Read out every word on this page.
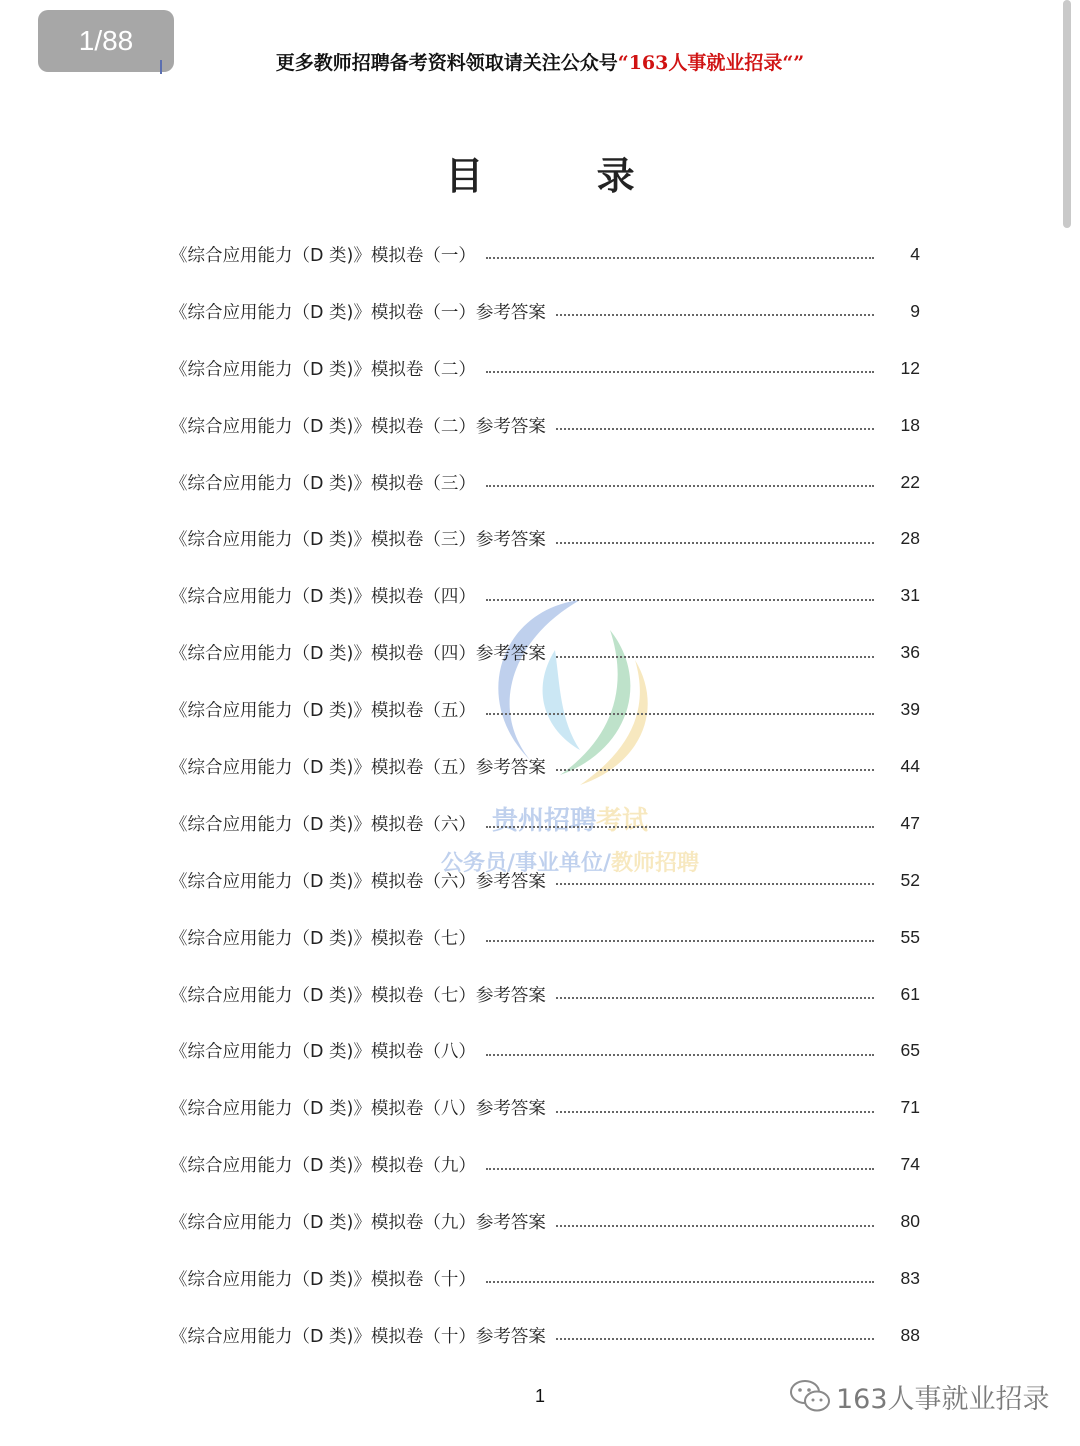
1/88
更多教师招聘备考资料领取请关注公众号“163人事就业招录“”
目 录
贵州招聘考试
公务员/事业单位/教师招聘
《综合应用能力（D 类)》模拟卷（一）	4
《综合应用能力（D 类)》模拟卷（一）参考答案	9
《综合应用能力（D 类)》模拟卷（二）	12
《综合应用能力（D 类)》模拟卷（二）参考答案	18
《综合应用能力（D 类)》模拟卷（三）	22
《综合应用能力（D 类)》模拟卷（三）参考答案	28
《综合应用能力（D 类)》模拟卷（四）	31
《综合应用能力（D 类)》模拟卷（四）参考答案	36
《综合应用能力（D 类)》模拟卷（五）	39
《综合应用能力（D 类)》模拟卷（五）参考答案	44
《综合应用能力（D 类)》模拟卷（六）	47
《综合应用能力（D 类)》模拟卷（六）参考答案	52
《综合应用能力（D 类)》模拟卷（七）	55
《综合应用能力（D 类)》模拟卷（七）参考答案	61
《综合应用能力（D 类)》模拟卷（八）	65
《综合应用能力（D 类)》模拟卷（八）参考答案	71
《综合应用能力（D 类)》模拟卷（九）	74
《综合应用能力（D 类)》模拟卷（九）参考答案	80
《综合应用能力（D 类)》模拟卷（十）	83
《综合应用能力（D 类)》模拟卷（十）参考答案	88
1	163人事就业招录
